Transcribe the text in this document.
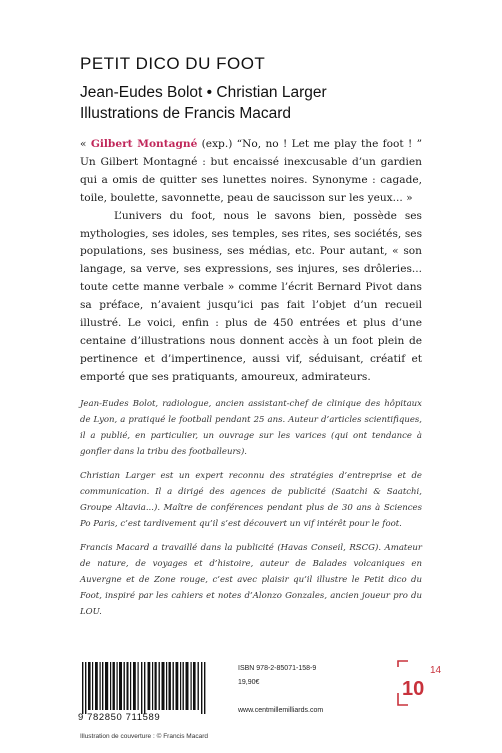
PETIT DICO DU FOOT
Jean-Eudes Bolot • Christian Larger
Illustrations de Francis Macard

« Gilbert Montagné (exp.) “No, no ! Let me play the foot ! ” Un Gilbert Montagné : but encaissé inexcusable d’un gardien qui a omis de quitter ses lunettes noires. Synonyme : cagade, toile, boulette, savonnette, peau de saucisson sur les yeux... »

L’univers du foot, nous le savons bien, possède ses mythologies, ses idoles, ses temples, ses rites, ses sociétés, ses populations, ses business, ses médias, etc. Pour autant, « son langage, sa verve, ses expressions, ses injures, ses drôleries... toute cette manne verbale » comme l’écrit Bernard Pivot dans sa préface, n’avaient jusqu’ici pas fait l’objet d’un recueil illustré. Le voici, enfin : plus de 450 entrées et plus d’une centaine d’illustrations nous donnent accès à un foot plein de pertinence et d’impertinence, aussi vif, séduisant, créatif et emporté que ses pratiquants, amoureux, admirateurs.

Jean-Eudes Bolot, radiologue, ancien assistant-chef de clinique des hôpitaux de Lyon, a pratiqué le football pendant 25 ans. Auteur d’articles scientifiques, il a publié, en particulier, un ouvrage sur les varices (qui ont tendance à gonfler dans la tribu des footballeurs).

Christian Larger est un expert reconnu des stratégies d’entreprise et de communication. Il a dirigé des agences de publicité (Saatchi & Saatchi, Groupe Altavia...). Maître de conférences pendant plus de 30 ans à Sciences Po Paris, c’est tardivement qu’il s’est découvert un vif intérêt pour le foot.

Francis Macard a travaillé dans la publicité (Havas Conseil, RSCG). Amateur de nature, de voyages et d’histoire, auteur de Balades volcaniques en Auvergne et de Zone rouge, c’est avec plaisir qu’il illustre le Petit dico du Foot, inspiré par les cahiers et notes d’Alonzo Gonzales, ancien joueur pro du LOU.

9 782850 711589
ISBN 978-2-85071-158-9
19,90€
www.centmillemilliards.com
14
10
Illustration de couverture : © Francis Macard
